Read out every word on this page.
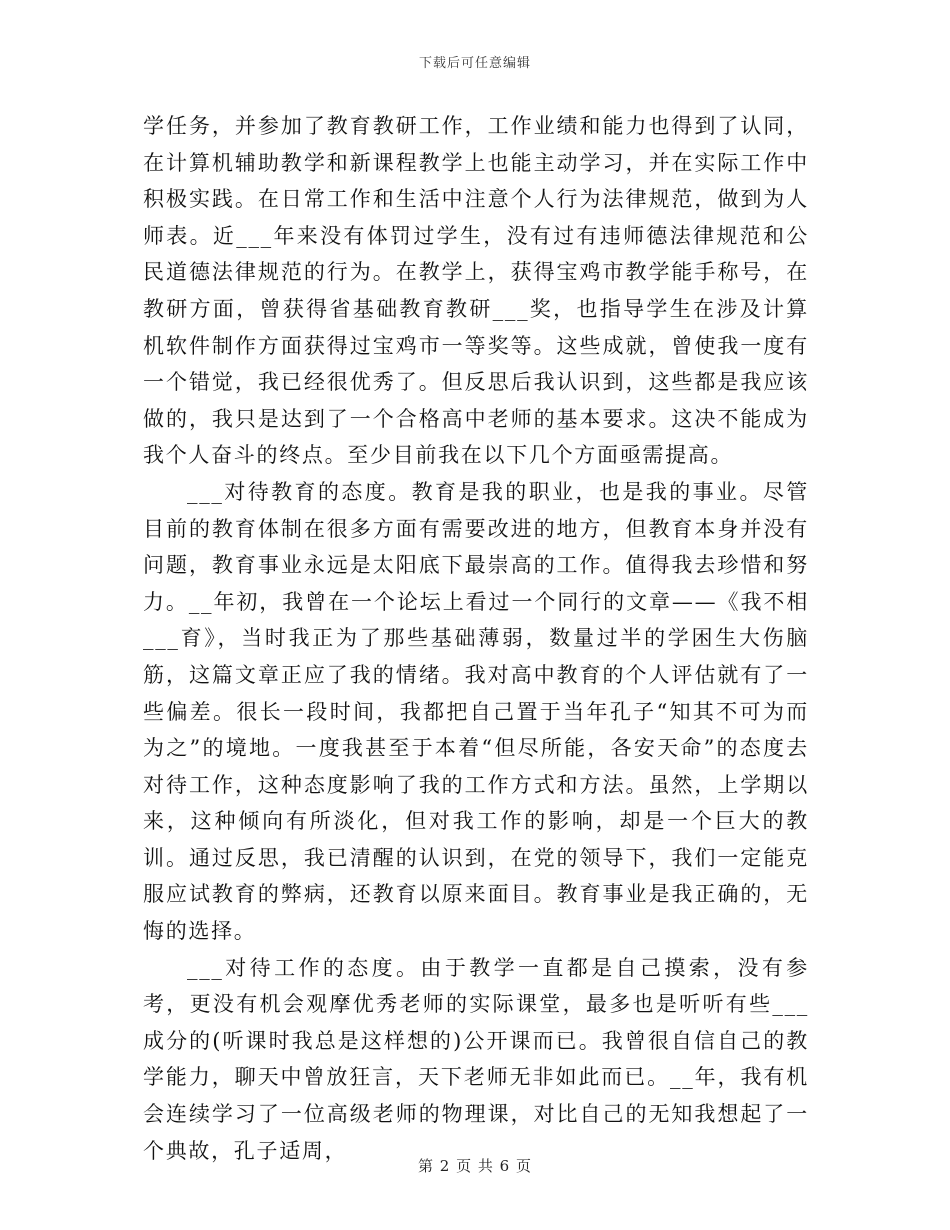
下载后可任意编辑

学任务，并参加了教育教研工作，工作业绩和能力也得到了认同，在计算机辅助教学和新课程教学上也能主动学习，并在实际工作中积极实践。在日常工作和生活中注意个人行为法律规范，做到为人师表。近___年来没有体罚过学生，没有过有违师德法律规范和公民道德法律规范的行为。在教学上，获得宝鸡市教学能手称号，在教研方面，曾获得省基础教育教研___奖，也指导学生在涉及计算机软件制作方面获得过宝鸡市一等奖等。这些成就，曾使我一度有一个错觉，我已经很优秀了。但反思后我认识到，这些都是我应该做的，我只是达到了一个合格高中老师的基本要求。这决不能成为我个人奋斗的终点。至少目前我在以下几个方面亟需提高。

___对待教育的态度。教育是我的职业，也是我的事业。尽管目前的教育体制在很多方面有需要改进的地方，但教育本身并没有问题，教育事业永远是太阳底下最崇高的工作。值得我去珍惜和努力。__年初，我曾在一个论坛上看过一个同行的文章——《我不相___育》，当时我正为了那些基础薄弱，数量过半的学困生大伤脑筋，这篇文章正应了我的情绪。我对高中教育的个人评估就有了一些偏差。很长一段时间，我都把自己置于当年孔子“知其不可为而为之”的境地。一度我甚至于本着“但尽所能，各安天命”的态度去对待工作，这种态度影响了我的工作方式和方法。虽然，上学期以来，这种倾向有所淡化，但对我工作的影响，却是一个巨大的教训。通过反思，我已清醒的认识到，在党的领导下，我们一定能克服应试教育的弊病，还教育以原来面目。教育事业是我正确的，无悔的选择。

___对待工作的态度。由于教学一直都是自己摸索，没有参考，更没有机会观摩优秀老师的实际课堂，最多也是听听有些___成分的(听课时我总是这样想的)公开课而已。我曾很自信自己的教学能力，聊天中曾放狂言，天下老师无非如此而已。__年，我有机会连续学习了一位高级老师的物理课，对比自己的无知我想起了一个典故，孔子适周，

第 2 页 共 6 页
